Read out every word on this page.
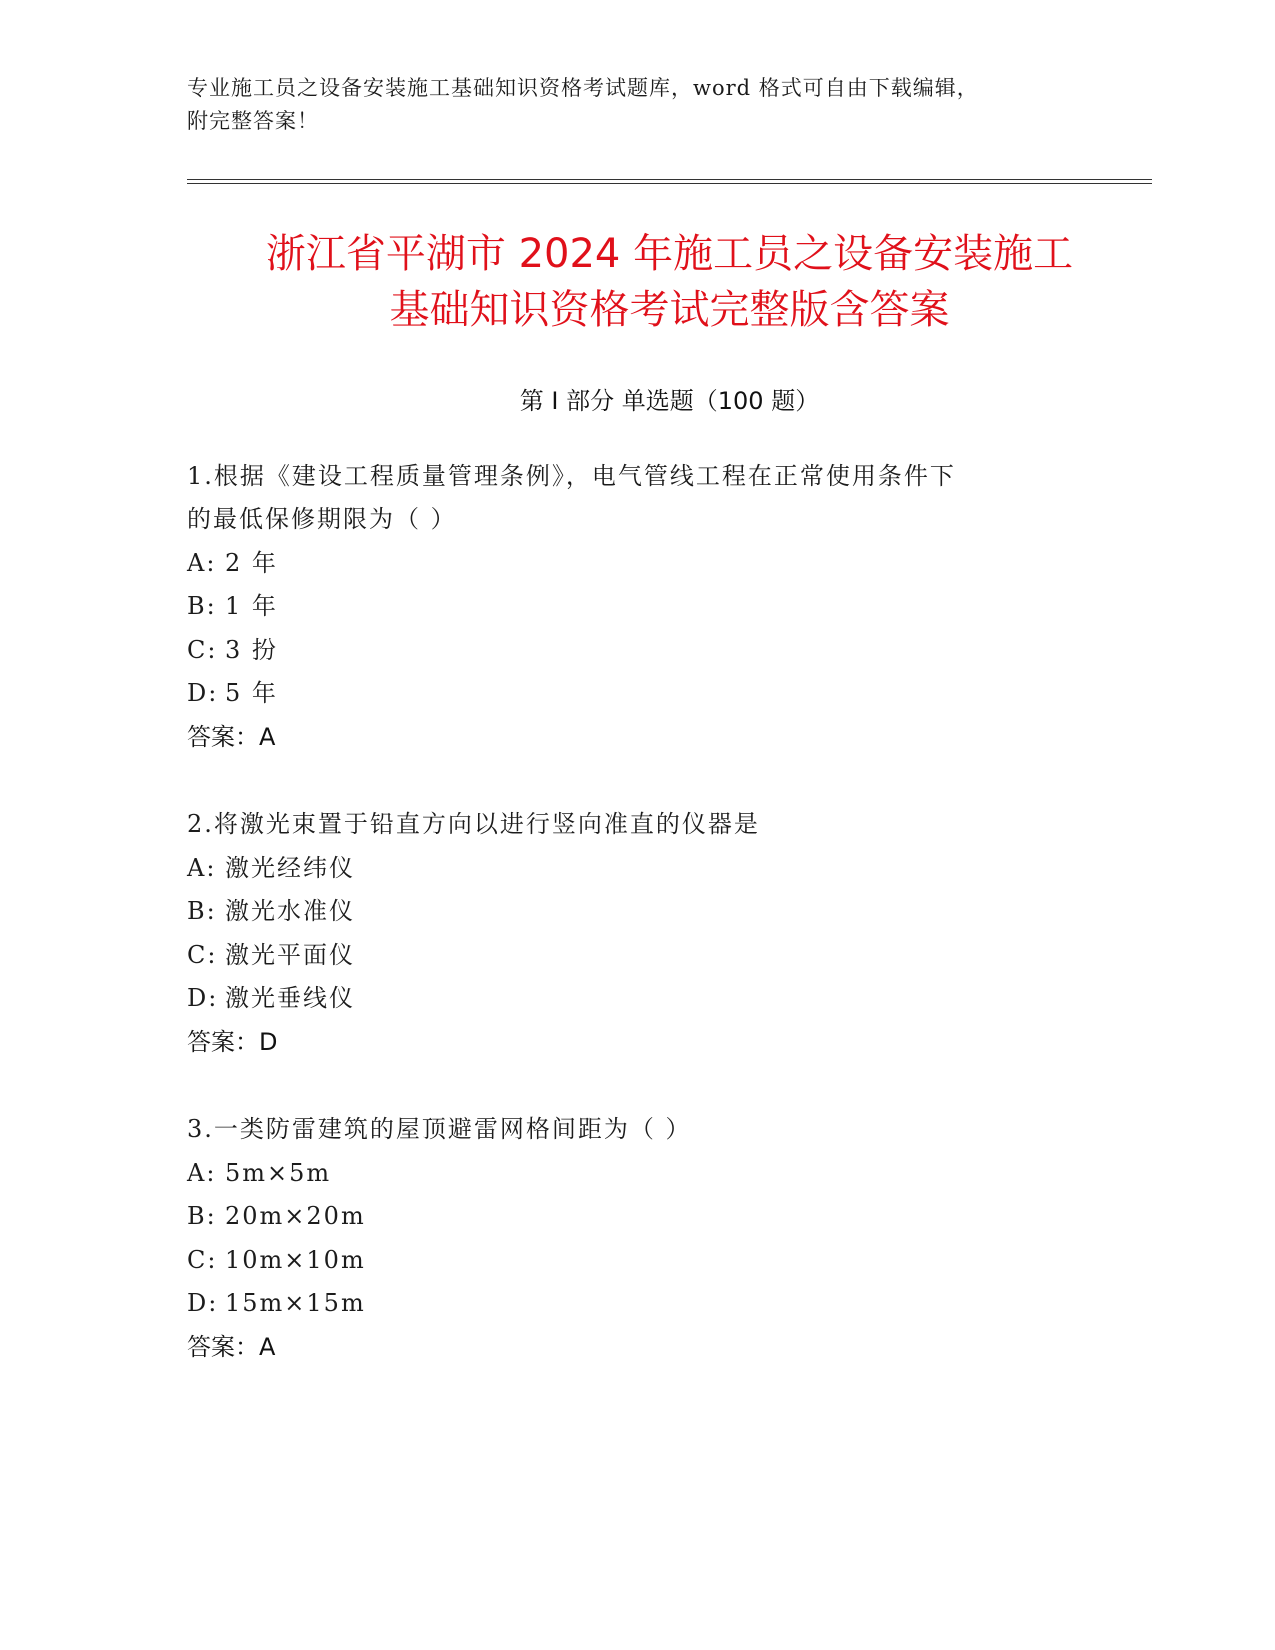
专业施工员之设备安装施工基础知识资格考试题库，word 格式可自由下载编辑，
附完整答案！
浙江省平湖市 2024 年施工员之设备安装施工
基础知识资格考试完整版含答案
第 I 部分 单选题（100 题）
1.根据《建设工程质量管理条例》，电气管线工程在正常使用条件下
的最低保修期限为（ ）
A: 2 年
B: 1 年
C: 3 扮
D: 5 年
答案：A
2.将激光束置于铅直方向以进行竖向准直的仪器是
A: 激光经纬仪
B: 激光水准仪
C: 激光平面仪
D: 激光垂线仪
答案：D
3.一类防雷建筑的屋顶避雷网格间距为（ ）
A: 5m×5m
B: 20m×20m
C: 10m×10m
D: 15m×15m
答案：A
